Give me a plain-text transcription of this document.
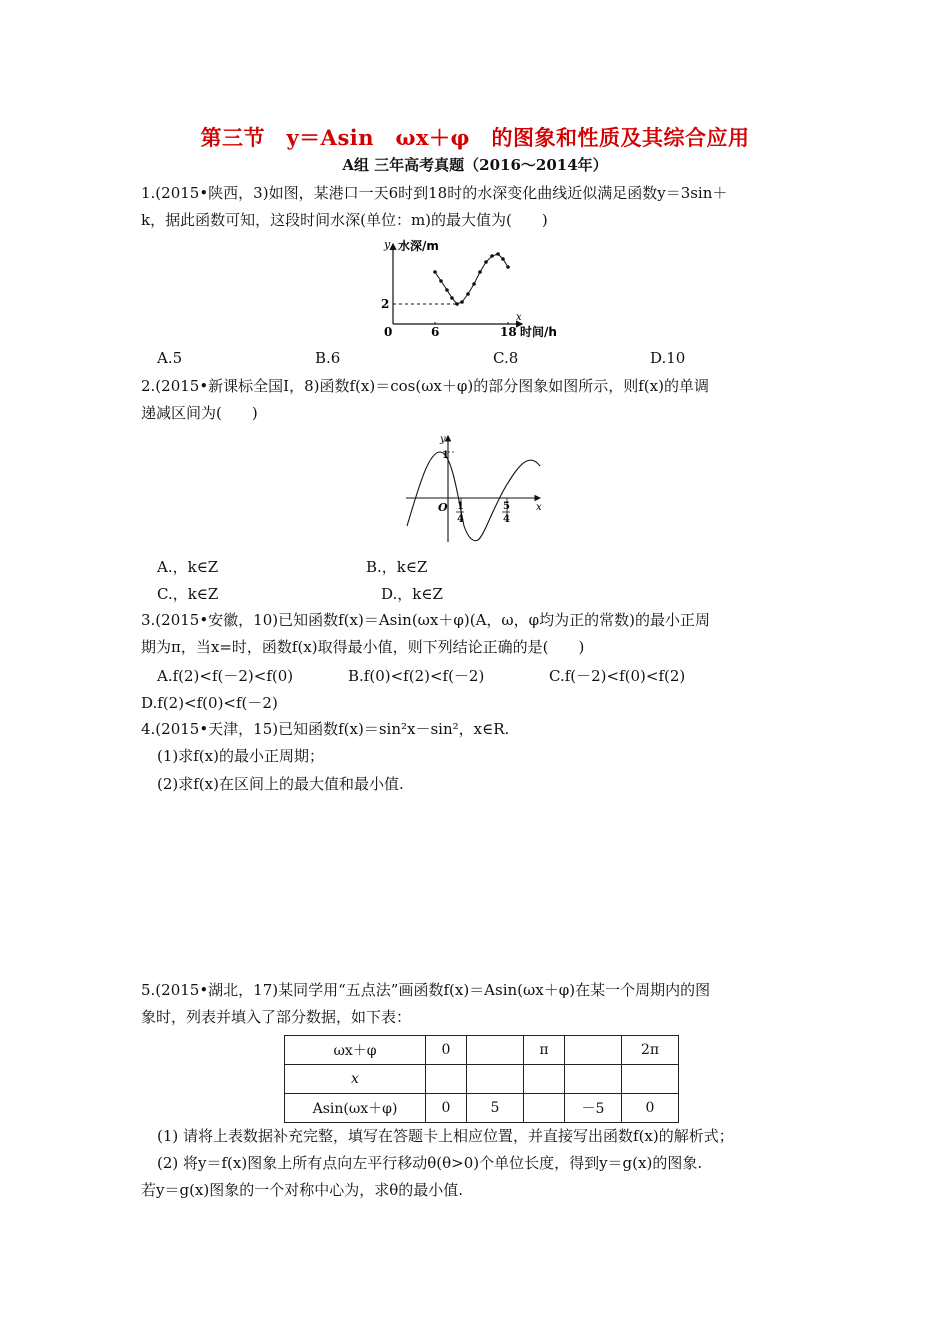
第三节　y＝Asin　ωx＋φ　的图象和性质及其综合应用
A组 三年高考真题（2016～2014年）
1.(2015•陕西，3)如图，某港口一天6时到18时的水深变化曲线近似满足函数y＝3sin＋
k，据此函数可知，这段时间水深(单位：m)的最大值为(　　)
y 水深/m
x
时间/h
0	6	18
2
A.5	B.6	C.8	D.10
2.(2015•新课标全国Ⅰ，8)函数f(x)＝cos(ωx＋φ)的部分图象如图所示，则f(x)的单调
递减区间为(　　)
y
x
O
1
1
4
5
4
A.，k∈Z	B.，k∈Z
C.，k∈Z	D.，k∈Z
3.(2015•安徽，10)已知函数f(x)＝Asin(ωx＋φ)(A，ω，φ均为正的常数)的最小正周
期为π，当x=时，函数f(x)取得最小值，则下列结论正确的是(　　)
A.f(2)<f(－2)<f(0)	B.f(0)<f(2)<f(－2)	C.f(－2)<f(0)<f(2)
D.f(2)<f(0)<f(－2)
4.(2015•天津，15)已知函数f(x)＝sin²x－sin²，x∈R.
(1)求f(x)的最小正周期；
(2)求f(x)在区间上的最大值和最小值.
5.(2015•湖北，17)某同学用“五点法”画函数f(x)＝Asin(ωx＋φ)在某一个周期内的图
象时，列表并填入了部分数据，如下表：
ωx＋φ	0		π		2π
x					
Asin(ωx＋φ)	0	5		－5	0
(1) 请将上表数据补充完整，填写在答题卡上相应位置，并直接写出函数f(x)的解析式；
(2) 将y＝f(x)图象上所有点向左平行移动θ(θ>0)个单位长度，得到y＝g(x)的图象.
若y＝g(x)图象的一个对称中心为，求θ的最小值.
